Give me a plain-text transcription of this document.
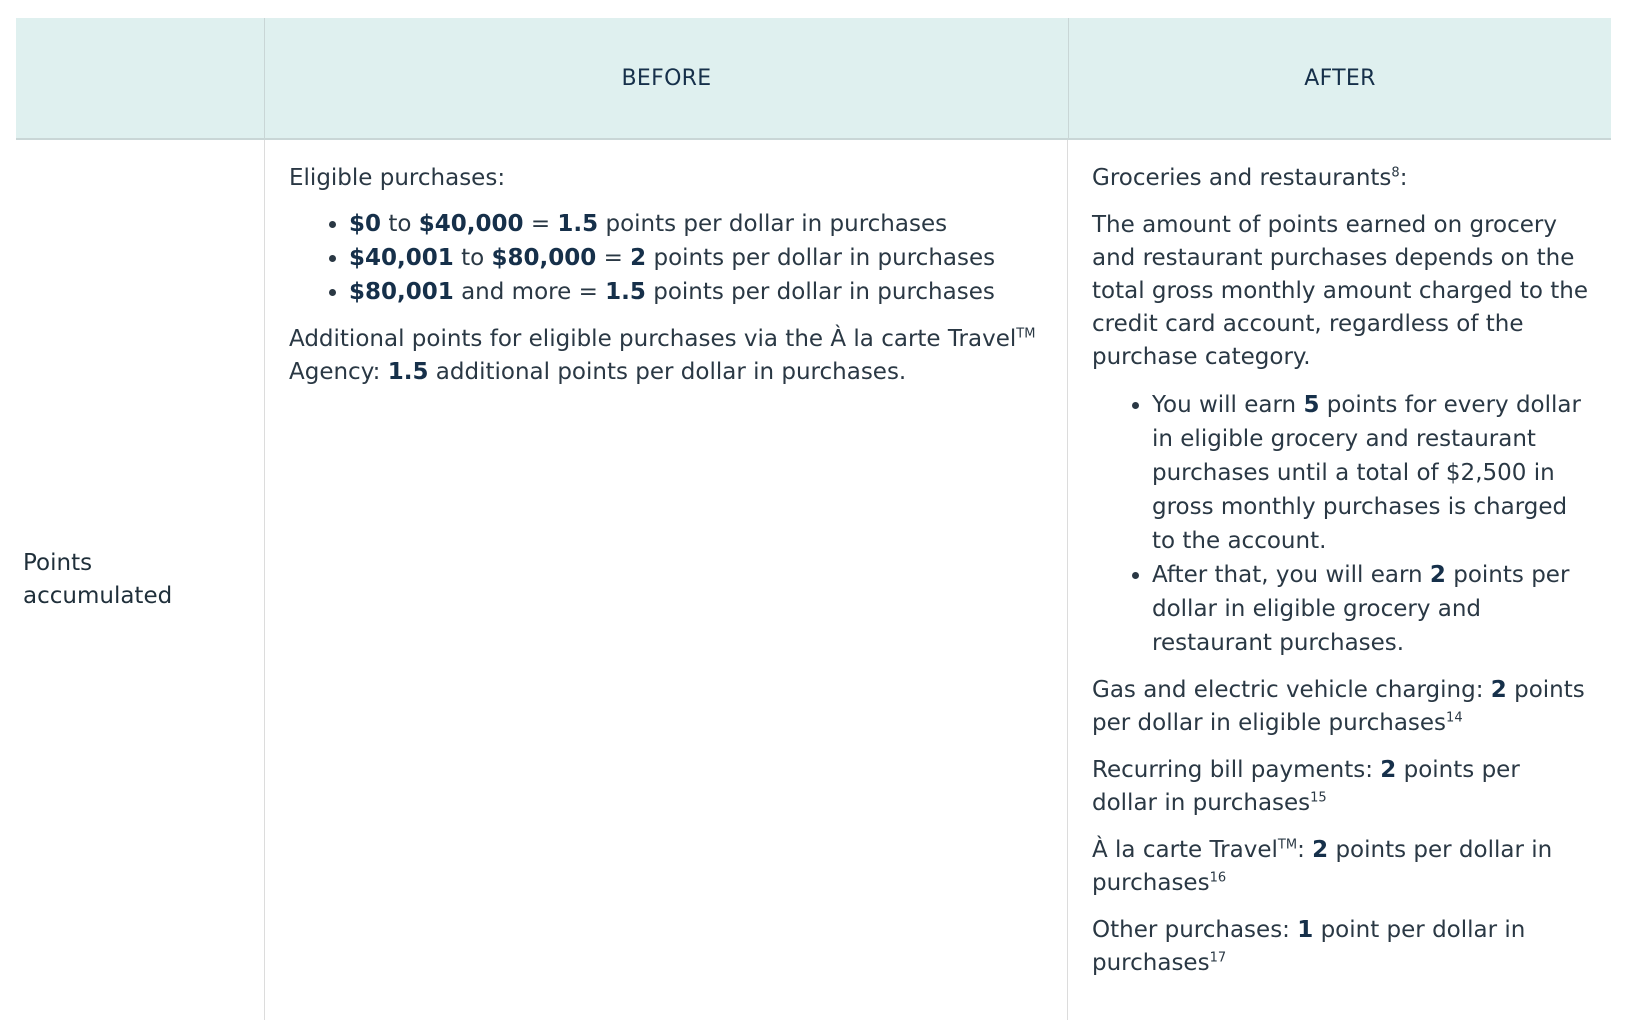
BEFORE	AFTER
Points
accumulated

Eligible purchases:

• $0 to $40,000 = 1.5 points per dollar in purchases
• $40,001 to $80,000 = 2 points per dollar in purchases
• $80,001 and more = 1.5 points per dollar in purchases

Additional points for eligible purchases via the À la carte Travel™ Agency: 1.5 additional points per dollar in purchases.

Groceries and restaurants$^8$:

The amount of points earned on grocery and restaurant purchases depends on the total gross monthly amount charged to the credit card account, regardless of the purchase category.

• You will earn 5 points for every dollar in eligible grocery and restaurant purchases until a total of $2,500 in gross monthly purchases is charged to the account.
• After that, you will earn 2 points per dollar in eligible grocery and restaurant purchases.

Gas and electric vehicle charging: 2 points per dollar in eligible purchases$^{14}$

Recurring bill payments: 2 points per dollar in purchases$^{15}$

À la carte Travel™: 2 points per dollar in purchases$^{16}$

Other purchases: 1 point per dollar in purchases$^{17}$
